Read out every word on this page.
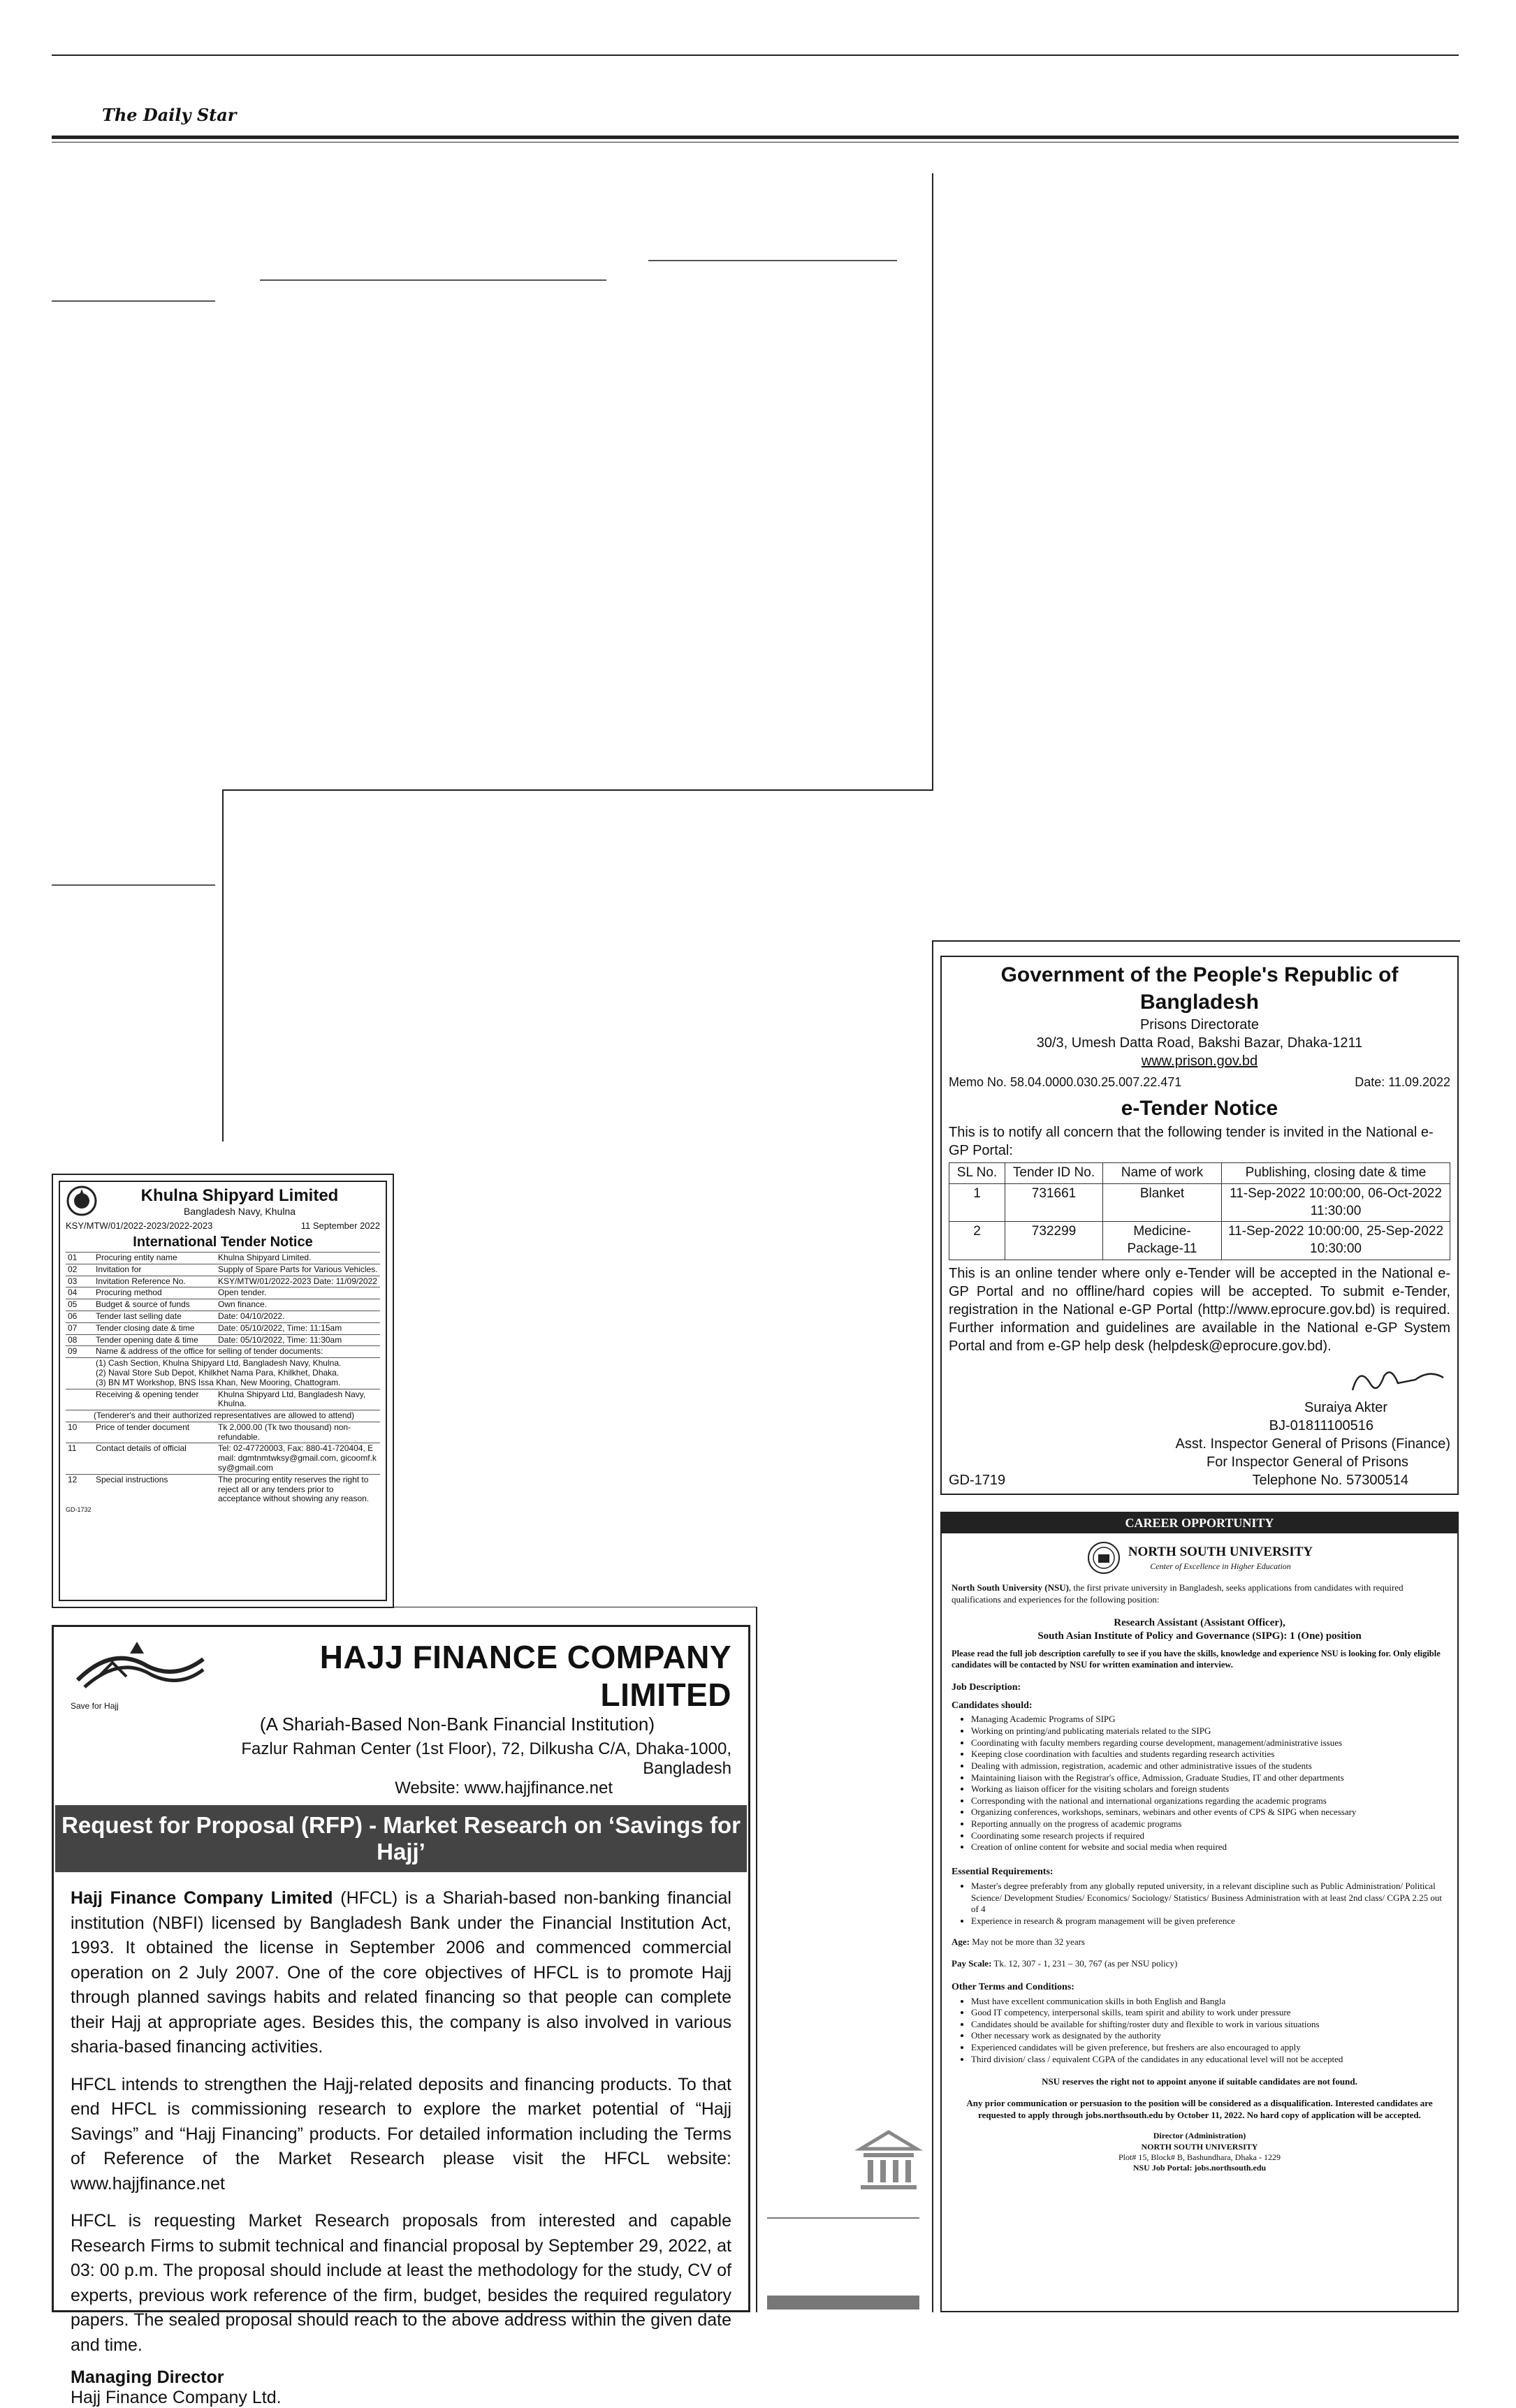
The Daily Star
Khulna Shipyard Limited
Bangladesh Navy, Khulna
KSY/MTW/01/2022-2023/2022-2023	11 September 2022
International Tender Notice
01	Procuring entity name	Khulna Shipyard Limited.
02	Invitation for	Supply of Spare Parts for Various Vehicles.
03	Invitation Reference No.	KSY/MTW/01/2022-2023 Date: 11/09/2022
04	Procuring method	Open tender.
05	Budget & source of funds	Own finance.
06	Tender last selling date	Date: 04/10/2022.
07	Tender closing date & time	Date: 05/10/2022, Time: 11:15am
08	Tender opening date & time	Date: 05/10/2022, Time: 11:30am
09	Name & address of the office for selling of tender documents:	

	(1) Cash Section, Khulna Shipyard Ltd, Bangladesh Navy, Khulna.
(2) Naval Store Sub Depot, Khilkhet Nama Para, Khilkhet, Dhaka.
(3) BN MT Workshop, BNS Issa Khan, New Mooring, Chattogram.	

	Receiving & opening tender	Khulna Shipyard Ltd, Bangladesh Navy, Khulna.
(Tenderer's and their authorized representatives are allowed to attend)		
10	Price of tender document	Tk 2,000.00 (Tk two thousand) non-refundable.
11	Contact details of official	Tel: 02-47720003, Fax: 880-41-720404, Email: dgmtnmtwksy@gmail.com, gicoomf.ksy@gmail.com
12	Special instructions	The procuring entity reserves the right to reject all or any tenders prior to acceptance without showing any reason.
GD-1732
Save for Hajj
HAJJ FINANCE COMPANY LIMITED
(A Shariah-Based Non-Bank Financial Institution)
Fazlur Rahman Center (1st Floor), 72, Dilkusha C/A, Dhaka-1000, Bangladesh
Website: www.hajjfinance.net
Request for Proposal (RFP) - Market Research on ‘Savings for Hajj’

Hajj Finance Company Limited (HFCL) is a Shariah-based non-banking financial institution (NBFI) licensed by Bangladesh Bank under the Financial Institution Act, 1993. It obtained the license in September 2006 and commenced commercial operation on 2 July 2007. One of the core objectives of HFCL is to promote Hajj through planned savings habits and related financing so that people can complete their Hajj at appropriate ages. Besides this, the company is also involved in various sharia-based financing activities.

HFCL intends to strengthen the Hajj-related deposits and financing products. To that end HFCL is commissioning research to explore the market potential of “Hajj Savings” and “Hajj Financing” products. For detailed information including the Terms of Reference of the Market Research please visit the HFCL website: www.hajjfinance.net

HFCL is requesting Market Research proposals from interested and capable Research Firms to submit technical and financial proposal by September 29, 2022, at 03: 00 p.m. The proposal should include at least the methodology for the study, CV of experts, previous work reference of the firm, budget, besides the required regulatory papers. The sealed proposal should reach to the above address within the given date and time.

Managing Director
Hajj Finance Company Ltd.
Government of the People's Republic of Bangladesh
Prisons Directorate
30/3, Umesh Datta Road, Bakshi Bazar, Dhaka-1211
www.prison.gov.bd
Memo No. 58.04.0000.030.25.007.22.471	Date: 11.09.2022
e-Tender Notice
This is to notify all concern that the following tender is invited in the National e-GP Portal:
SL No.	Tender ID No.	Name of work	Publishing, closing date & time
1	731661	Blanket	11-Sep-2022 10:00:00, 06-Oct-2022 11:30:00
2	732299	Medicine-Package-11	11-Sep-2022 10:00:00, 25-Sep-2022 10:30:00
This is an online tender where only e-Tender will be accepted in the National e-GP Portal and no offline/hard copies will be accepted. To submit e-Tender, registration in the National e-GP Portal (http://www.eprocure.gov.bd) is required. Further information and guidelines are available in the National e-GP System Portal and from e-GP help desk (helpdesk@eprocure.gov.bd).
Suraiya Akter
BJ-01811100516
Asst. Inspector General of Prisons (Finance)
For Inspector General of Prisons
GD-1719	Telephone No. 57300514
CAREER OPPORTUNITY
NORTH SOUTH UNIVERSITY
Center of Excellence in Higher Education
North South University (NSU), the first private university in Bangladesh, seeks applications from candidates with required qualifications and experiences for the following position:
Research Assistant (Assistant Officer),
South Asian Institute of Policy and Governance (SIPG): 1 (One) position
Please read the full job description carefully to see if you have the skills, knowledge and experience NSU is looking for. Only eligible candidates will be contacted by NSU for written examination and interview.
Job Description:
Candidates should:
• Managing Academic Programs of SIPG
• Working on printing/and publicating materials related to the SIPG
• Coordinating with faculty members regarding course development, management/administrative issues
• Keeping close coordination with faculties and students regarding research activities
• Dealing with admission, registration, academic and other administrative issues of the students
• Maintaining liaison with the Registrar's office, Admission, Graduate Studies, IT and other departments
• Working as liaison officer for the visiting scholars and foreign students
• Corresponding with the national and international organizations regarding the academic programs
• Organizing conferences, workshops, seminars, webinars and other events of CPS & SIPG when necessary
• Reporting annually on the progress of academic programs
• Coordinating some research projects if required
• Creation of online content for website and social media when required
Essential Requirements:
• Master's degree preferably from any globally reputed university, in a relevant discipline such as Public Administration/ Political Science/ Development Studies/ Economics/ Sociology/ Statistics/ Business Administration with at least 2nd class/ CGPA 2.25 out of 4
• Experience in research & program management will be given preference
Age: May not be more than 32 years
Pay Scale: Tk. 12, 307 - 1, 231 – 30, 767 (as per NSU policy)
Other Terms and Conditions:
• Must have excellent communication skills in both English and Bangla
• Good IT competency, interpersonal skills, team spirit and ability to work under pressure
• Candidates should be available for shifting/roster duty and flexible to work in various situations
• Other necessary work as designated by the authority
• Experienced candidates will be given preference, but freshers are also encouraged to apply
• Third division/ class / equivalent CGPA of the candidates in any educational level will not be accepted
NSU reserves the right not to appoint anyone if suitable candidates are not found.
Any prior communication or persuasion to the position will be considered as a disqualification. Interested candidates are requested to apply through jobs.northsouth.edu by October 11, 2022. No hard copy of application will be accepted.
Director (Administration)
NORTH SOUTH UNIVERSITY
Plot# 15, Block# B, Bashundhara, Dhaka - 1229
NSU Job Portal: jobs.northsouth.edu
